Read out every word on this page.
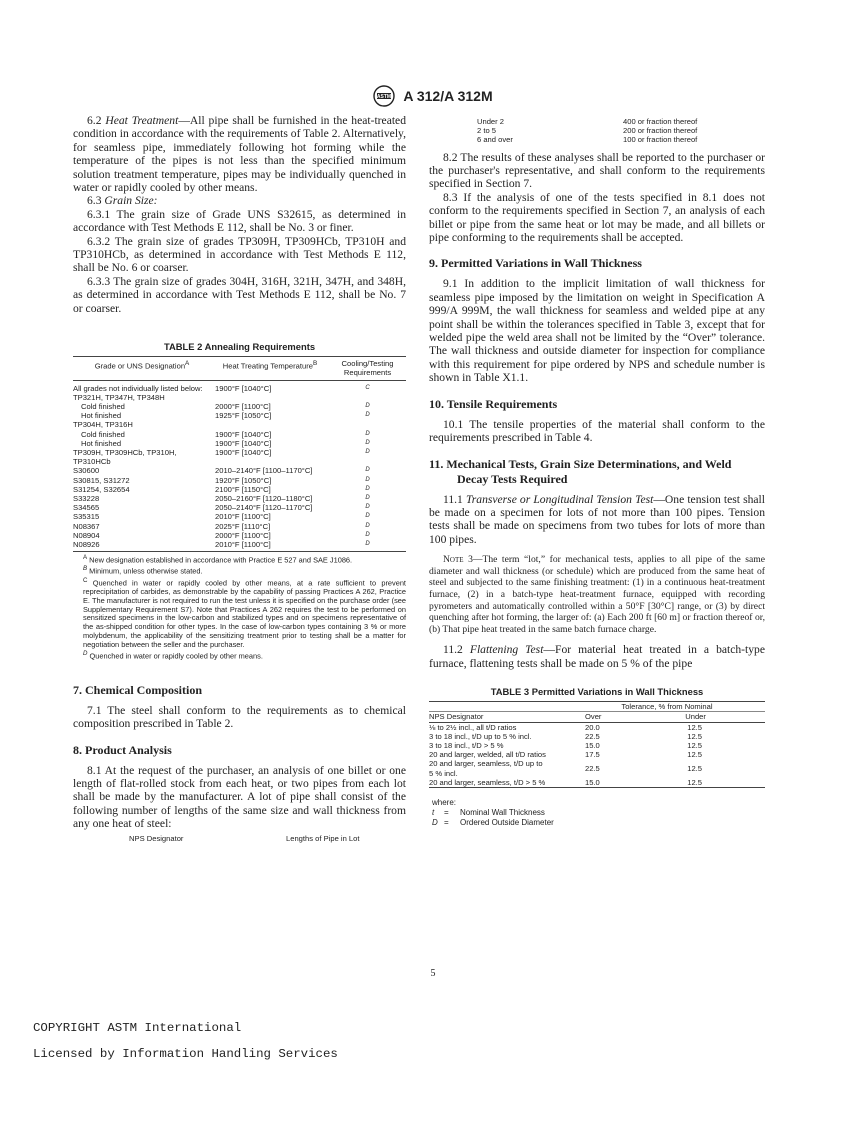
ASTM A 312/A 312M

6.2 Heat Treatment—All pipe shall be furnished in the heat-treated condition in accordance with the requirements of Table 2. Alternatively, for seamless pipe, immediately following hot forming while the temperature of the pipes is not less than the specified minimum solution treatment temperature, pipes may be individually quenched in water or rapidly cooled by other means.

6.3 Grain Size:

6.3.1 The grain size of Grade UNS S32615, as determined in accordance with Test Methods E 112, shall be No. 3 or finer.

6.3.2 The grain size of grades TP309H, TP309HCb, TP310H and TP310HCb, as determined in accordance with Test Methods E 112, shall be No. 6 or coarser.

6.3.3 The grain size of grades 304H, 316H, 321H, 347H, and 348H, as determined in accordance with Test Methods E 112, shall be No. 7 or coarser.

TABLE 2 Annealing Requirements
Grade or UNS Designation$^A$	Heat Treating Temperature$^B$	Cooling/Testing Requirements
All grades not individually listed below:	1900°F [1040°C]	C
TP321H, TP347H, TP348H		
Cold finished	2000°F [1100°C]	D
Hot finished	1925°F [1050°C]	D
TP304H, TP316H		
Cold finished	1900°F [1040°C]	D
Hot finished	1900°F [1040°C]	D
TP309H, TP309HCb, TP310H, TP310HCb	1900°F [1040°C]	D
S30600	2010–2140°F [1100–1170°C]	D
S30815, S31272	1920°F [1050°C]	D
S31254, S32654	2100°F [1150°C]	D
S33228	2050–2160°F [1120–1180°C]	D
S34565	2050–2140°F [1120–1170°C]	D
S35315	2010°F [1100°C]	D
N08367	2025°F [1110°C]	D
N08904	2000°F [1100°C]	D
N08926	2010°F [1100°C]	D
$^A$ New designation established in accordance with Practice E 527 and SAE J1086.
$^B$ Minimum, unless otherwise stated.
$^C$ Quenched in water or rapidly cooled by other means, at a rate sufficient to prevent reprecipitation of carbides, as demonstrable by the capability of passing Practices A 262, Practice E. The manufacturer is not required to run the test unless it is specified on the purchase order (see Supplementary Requirement S7). Note that Practices A 262 requires the test to be performed on sensitized specimens in the low-carbon and stabilized types and on specimens representative of the as-shipped condition for other types. In the case of low-carbon types containing 3 % or more molybdenum, the applicability of the sensitizing treatment prior to testing shall be a matter for negotiation between the seller and the purchaser.
$^D$ Quenched in water or rapidly cooled by other means.
7. Chemical Composition

7.1 The steel shall conform to the requirements as to chemical composition prescribed in Table 2.

8. Product Analysis

8.1 At the request of the purchaser, an analysis of one billet or one length of flat-rolled stock from each heat, or two pipes from each lot shall be made by the manufacturer. A lot of pipe shall consist of the following number of lengths of the same size and wall thickness from any one heat of steel:

NPS Designator	Lengths of Pipe in Lot
Under 2	400 or fraction thereof
2 to 5	200 or fraction thereof
6 and over	100 or fraction thereof

8.2 The results of these analyses shall be reported to the purchaser or the purchaser's representative, and shall conform to the requirements specified in Section 7.

8.3 If the analysis of one of the tests specified in 8.1 does not conform to the requirements specified in Section 7, an analysis of each billet or pipe from the same heat or lot may be made, and all billets or pipe conforming to the requirements shall be accepted.

9. Permitted Variations in Wall Thickness

9.1 In addition to the implicit limitation of wall thickness for seamless pipe imposed by the limitation on weight in Specification A 999/A 999M, the wall thickness for seamless and welded pipe at any point shall be within the tolerances specified in Table 3, except that for welded pipe the weld area shall not be limited by the “Over” tolerance. The wall thickness and outside diameter for inspection for compliance with this requirement for pipe ordered by NPS and schedule number is shown in Table X1.1.

10. Tensile Requirements

10.1 The tensile properties of the material shall conform to the requirements prescribed in Table 4.

11. Mechanical Tests, Grain Size Determinations, and Weld Decay Tests Required

11.1 Transverse or Longitudinal Tension Test—One tension test shall be made on a specimen for lots of not more than 100 pipes. Tension tests shall be made on specimens from two tubes for lots of more than 100 pipes.

Note 3—The term “lot,” for mechanical tests, applies to all pipe of the same diameter and wall thickness (or schedule) which are produced from the same heat of steel and subjected to the same finishing treatment: (1) in a continuous heat-treatment furnace, (2) in a batch-type heat-treatment furnace, equipped with recording pyrometers and automatically controlled within a 50°F [30°C] range, or (3) by direct quenching after hot forming, the larger of: (a) Each 200 ft [60 m] or fraction thereof or, (b) That pipe heat treated in the same batch furnace charge.

11.2 Flattening Test—For material heat treated in a batch-type furnace, flattening tests shall be made on 5 % of the pipe

TABLE 3 Permitted Variations in Wall Thickness
	Tolerance, % from Nominal	
NPS Designator	Over	Under
⅛ to 2½ incl., all t/D ratios	20.0	12.5
3 to 18 incl., t/D up to 5 % incl.	22.5	12.5
3 to 18 incl., t/D > 5 %	15.0	12.5
20 and larger, welded, all t/D ratios	17.5	12.5
20 and larger, seamless, t/D up to 5 % incl.	22.5	12.5
20 and larger, seamless, t/D > 5 %	15.0	12.5
where:
t = Nominal Wall Thickness
D = Ordered Outside Diameter
5
COPYRIGHT ASTM International
Licensed by Information Handling Services
